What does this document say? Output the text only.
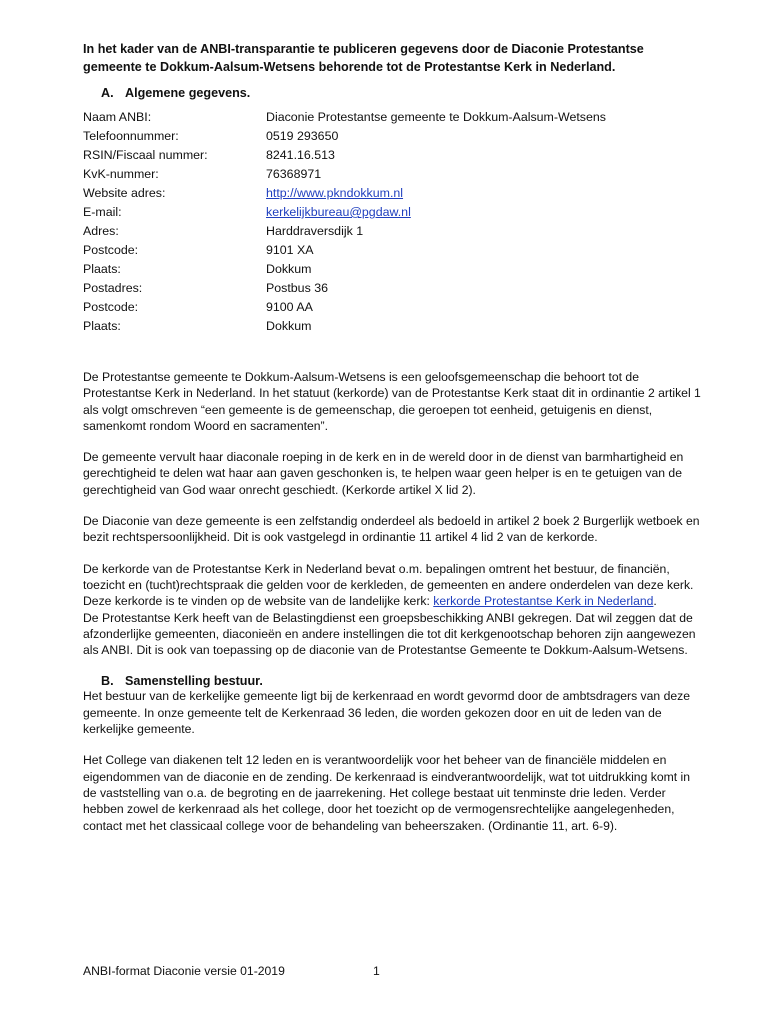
In het kader van de ANBI-transparantie te publiceren gegevens door de Diaconie Protestantse gemeente te Dokkum-Aalsum-Wetsens behorende tot de Protestantse Kerk in Nederland.
A. Algemene gegevens.
Naam ANBI:	Diaconie Protestantse gemeente te Dokkum-Aalsum-Wetsens
Telefoonnummer:	0519 293650
RSIN/Fiscaal nummer:	8241.16.513
KvK-nummer:	76368971
Website adres:	http://www.pkndokkum.nl
E-mail:	kerkelijkbureau@pgdaw.nl
Adres:	Harddraversdijk 1
Postcode:	9101 XA
Plaats:	Dokkum
Postadres:	Postbus 36
Postcode:	9100 AA
Plaats:	Dokkum

De Protestantse gemeente te Dokkum-Aalsum-Wetsens is een geloofsgemeenschap die behoort tot de Protestantse Kerk in Nederland. In het statuut (kerkorde) van de Protestantse Kerk staat dit in ordinantie 2 artikel 1 als volgt omschreven “een gemeente is de gemeenschap, die geroepen tot eenheid, getuigenis en dienst, samenkomt rondom Woord en sacramenten”.

De gemeente vervult haar diaconale roeping in de kerk en in de wereld door in de dienst van barmhartigheid en gerechtigheid te delen wat haar aan gaven geschonken is, te helpen waar geen helper is en te getuigen van de gerechtigheid van God waar onrecht geschiedt. (Kerkorde artikel X lid 2).

De Diaconie van deze gemeente is een zelfstandig onderdeel als bedoeld in artikel 2 boek 2 Burgerlijk wetboek en bezit rechtspersoonlijkheid. Dit is ook vastgelegd in ordinantie 11 artikel 4 lid 2 van de kerkorde.

De kerkorde van de Protestantse Kerk in Nederland bevat o.m. bepalingen omtrent het bestuur, de financiën, toezicht en (tucht)rechtspraak die gelden voor de kerkleden, de gemeenten en andere onderdelen van deze kerk.

Deze kerkorde is te vinden op de website van de landelijke kerk: kerkorde Protestantse Kerk in Nederland.

De Protestantse Kerk heeft van de Belastingdienst een groepsbeschikking ANBI gekregen. Dat wil zeggen dat de afzonderlijke gemeenten, diaconieën en andere instellingen die tot dit kerkgenootschap behoren zijn aangewezen als ANBI. Dit is ook van toepassing op de diaconie van de Protestantse Gemeente te Dokkum-Aalsum-Wetsens.

B. Samenstelling bestuur.

Het bestuur van de kerkelijke gemeente ligt bij de kerkenraad en wordt gevormd door de ambtsdragers van deze gemeente. In onze gemeente telt de Kerkenraad 36 leden, die worden gekozen door en uit de leden van de kerkelijke gemeente.

Het College van diakenen telt 12 leden en is verantwoordelijk voor het beheer van de financiële middelen en eigendommen van de diaconie en de zending. De kerkenraad is eindverantwoordelijk, wat tot uitdrukking komt in de vaststelling van o.a. de begroting en de jaarrekening. Het college bestaat uit tenminste drie leden. Verder hebben zowel de kerkenraad als het college, door het toezicht op de vermogensrechtelijke aangelegenheden, contact met het classicaal college voor de behandeling van beheerszaken. (Ordinantie 11, art. 6-9).

ANBI-format Diaconie versie 01-2019	1
